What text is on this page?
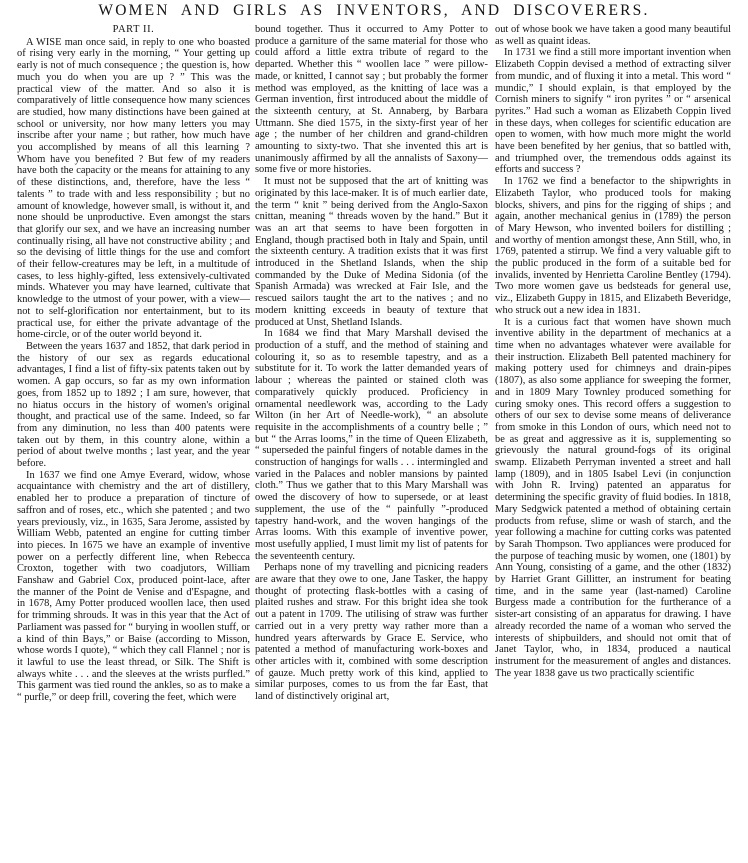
WOMEN AND GIRLS AS INVENTORS, AND DISCOVERERS.
PART II.

A WISE man once said, in reply to one who boasted of rising very early in the morning, “ Your getting up early is not of much consequence ; the question is, how much you do when you are up ? ” This was the practical view of the matter. And so also it is comparatively of little consequence how many sciences are studied, how many distinctions have been gained at school or university, nor how many letters you may inscribe after your name ; but rather, how much have you accomplished by means of all this learning ? Whom have you benefited ? But few of my readers have both the capacity or the means for attaining to any of these distinctions, and, therefore, have the less “ talents ” to trade with and less responsibility ; but no amount of knowledge, however small, is without it, and none should be unproductive. Even amongst the stars that glorify our sex, and we have an increasing number continually rising, all have not constructive ability ; and so the devising of little things for the use and comfort of their fellow-creatures may be left, in a multitude of cases, to less highly-gifted, less extensively-cultivated minds. Whatever you may have learned, cultivate that knowledge to the utmost of your power, with a view—not to self-glorification nor entertainment, but to its practical use, for either the private advantage of the home-circle, or of the outer world beyond it.

Between the years 1637 and 1852, that dark period in the history of our sex as regards educational advantages, I find a list of fifty-six patents taken out by women. A gap occurs, so far as my own information goes, from 1852 up to 1892 ; I am sure, however, that no hiatus occurs in the history of women's original thought, and practical use of the same. Indeed, so far from any diminution, no less than 400 patents were taken out by them, in this country alone, within a period of about twelve months ; last year, and the year before.

In 1637 we find one Amye Everard, widow, whose acquaintance with chemistry and the art of distillery, enabled her to produce a preparation of tincture of saffron and of roses, etc., which she patented ; and two years previously, viz., in 1635, Sara Jerome, assisted by William Webb, patented an engine for cutting timber into pieces. In 1675 we have an example of inventive power on a perfectly different line, when Rebecca Croxton, together with two coadjutors, William Fanshaw and Gabriel Cox, produced point-lace, after the manner of the Point de Venise and d'Espagne, and in 1678, Amy Potter produced woollen lace, then used for trimming shrouds. It was in this year that the Act of Parliament was passed for “ burying in woollen stuff, or a kind of thin Bays,” or Baise (according to Misson, whose words I quote), “ which they call Flannel ; nor is it lawful to use the least thread, or Silk. The Shift is always white . . . and the sleeves at the wrists purfled.” This garment was tied round the ankles, so as to make a “ purfle,” or deep frill, covering the feet, which were

bound together. Thus it occurred to Amy Potter to produce a garniture of the same material for those who could afford a little extra tribute of regard to the departed. Whether this “ woollen lace ” were pillow-made, or knitted, I cannot say ; but probably the former method was employed, as the knitting of lace was a German invention, first introduced about the middle of the sixteenth century, at St. Annaberg, by Barbara Uttmann. She died 1575, in the sixty-first year of her age ; the number of her children and grand-children amounting to sixty-two. That she invented this art is unanimously affirmed by all the annalists of Saxony—some five or more histories.

It must not be supposed that the art of knitting was originated by this lace-maker. It is of much earlier date, the term “ knit ” being derived from the Anglo-Saxon cnittan, meaning “ threads woven by the hand.” But it was an art that seems to have been forgotten in England, though practised both in Italy and Spain, until the sixteenth century. A tradition exists that it was first introduced in the Shetland Islands, when the ship commanded by the Duke of Medina Sidonia (of the Spanish Armada) was wrecked at Fair Isle, and the rescued sailors taught the art to the natives ; and no modern knitting exceeds in beauty of texture that produced at Unst, Shetland Islands.

In 1684 we find that Mary Marshall devised the production of a stuff, and the method of staining and colouring it, so as to resemble tapestry, and as a substitute for it. To work the latter demanded years of labour ; whereas the painted or stained cloth was comparatively quickly produced. Proficiency in ornamental needlework was, according to the Lady Wilton (in her Art of Needle-work), “ an absolute requisite in the accomplishments of a country belle ; ” but “ the Arras looms,” in the time of Queen Elizabeth, “ superseded the painful fingers of notable dames in the construction of hangings for walls . . . intermingled and varied in the Palaces and nobler mansions by painted cloth.” Thus we gather that to this Mary Marshall was owed the discovery of how to supersede, or at least supplement, the use of the “ painfully ”-produced tapestry hand-work, and the woven hangings of the Arras looms. With this example of inventive power, most usefully applied, I must limit my list of patents for the seventeenth century.

Perhaps none of my travelling and picnicing readers are aware that they owe to one, Jane Tasker, the happy thought of protecting flask-bottles with a casing of plaited rushes and straw. For this bright idea she took out a patent in 1709. The utilising of straw was further carried out in a very pretty way rather more than a hundred years afterwards by Grace E. Service, who patented a method of manufacturing work-boxes and other articles with it, combined with some description of gauze. Much pretty work of this kind, applied to similar purposes, comes to us from the far East, that land of distinctively original art,

out of whose book we have taken a good many beautiful as well as quaint ideas.

In 1731 we find a still more important invention when Elizabeth Coppin devised a method of extracting silver from mundic, and of fluxing it into a metal. This word “ mundic,” I should explain, is that employed by the Cornish miners to signify “ iron pyrites ” or “ arsenical pyrites.” Had such a woman as Elizabeth Coppin lived in these days, when colleges for scientific education are open to women, with how much more might the world have been benefited by her genius, that so battled with, and triumphed over, the tremendous odds against its efforts and success ?

In 1762 we find a benefactor to the shipwrights in Elizabeth Taylor, who produced tools for making blocks, shivers, and pins for the rigging of ships ; and again, another mechanical genius in (1789) the person of Mary Hewson, who invented boilers for distilling ; and worthy of mention amongst these, Ann Still, who, in 1769, patented a stirrup. We find a very valuable gift to the public produced in the form of a suitable bed for invalids, invented by Henrietta Caroline Bentley (1794). Two more women gave us bedsteads for general use, viz., Elizabeth Guppy in 1815, and Elizabeth Beveridge, who struck out a new idea in 1831.

It is a curious fact that women have shown much inventive ability in the department of mechanics at a time when no advantages whatever were available for their instruction. Elizabeth Bell patented machinery for making pottery used for chimneys and drain-pipes (1807), as also some appliance for sweeping the former, and in 1809 Mary Townley produced something for curing smoky ones. This record offers a suggestion to others of our sex to devise some means of deliverance from smoke in this London of ours, which need not to be as great and aggressive as it is, supplementing so grievously the natural ground-fogs of its original swamp. Elizabeth Perryman invented a street and hall lamp (1809), and in 1805 Isabel Levi (in conjunction with John R. Irving) patented an apparatus for determining the specific gravity of fluid bodies. In 1818, Mary Sedgwick patented a method of obtaining certain products from refuse, slime or wash of starch, and the year following a machine for cutting corks was patented by Sarah Thompson. Two appliances were produced for the purpose of teaching music by women, one (1801) by Ann Young, consisting of a game, and the other (1832) by Harriet Grant Gillitter, an instrument for beating time, and in the same year (last-named) Caroline Burgess made a contribution for the furtherance of a sister-art consisting of an apparatus for drawing. I have already recorded the name of a woman who served the interests of shipbuilders, and should not omit that of Janet Taylor, who, in 1834, produced a nautical instrument for the measurement of angles and distances. The year 1838 gave us two practically scientific
